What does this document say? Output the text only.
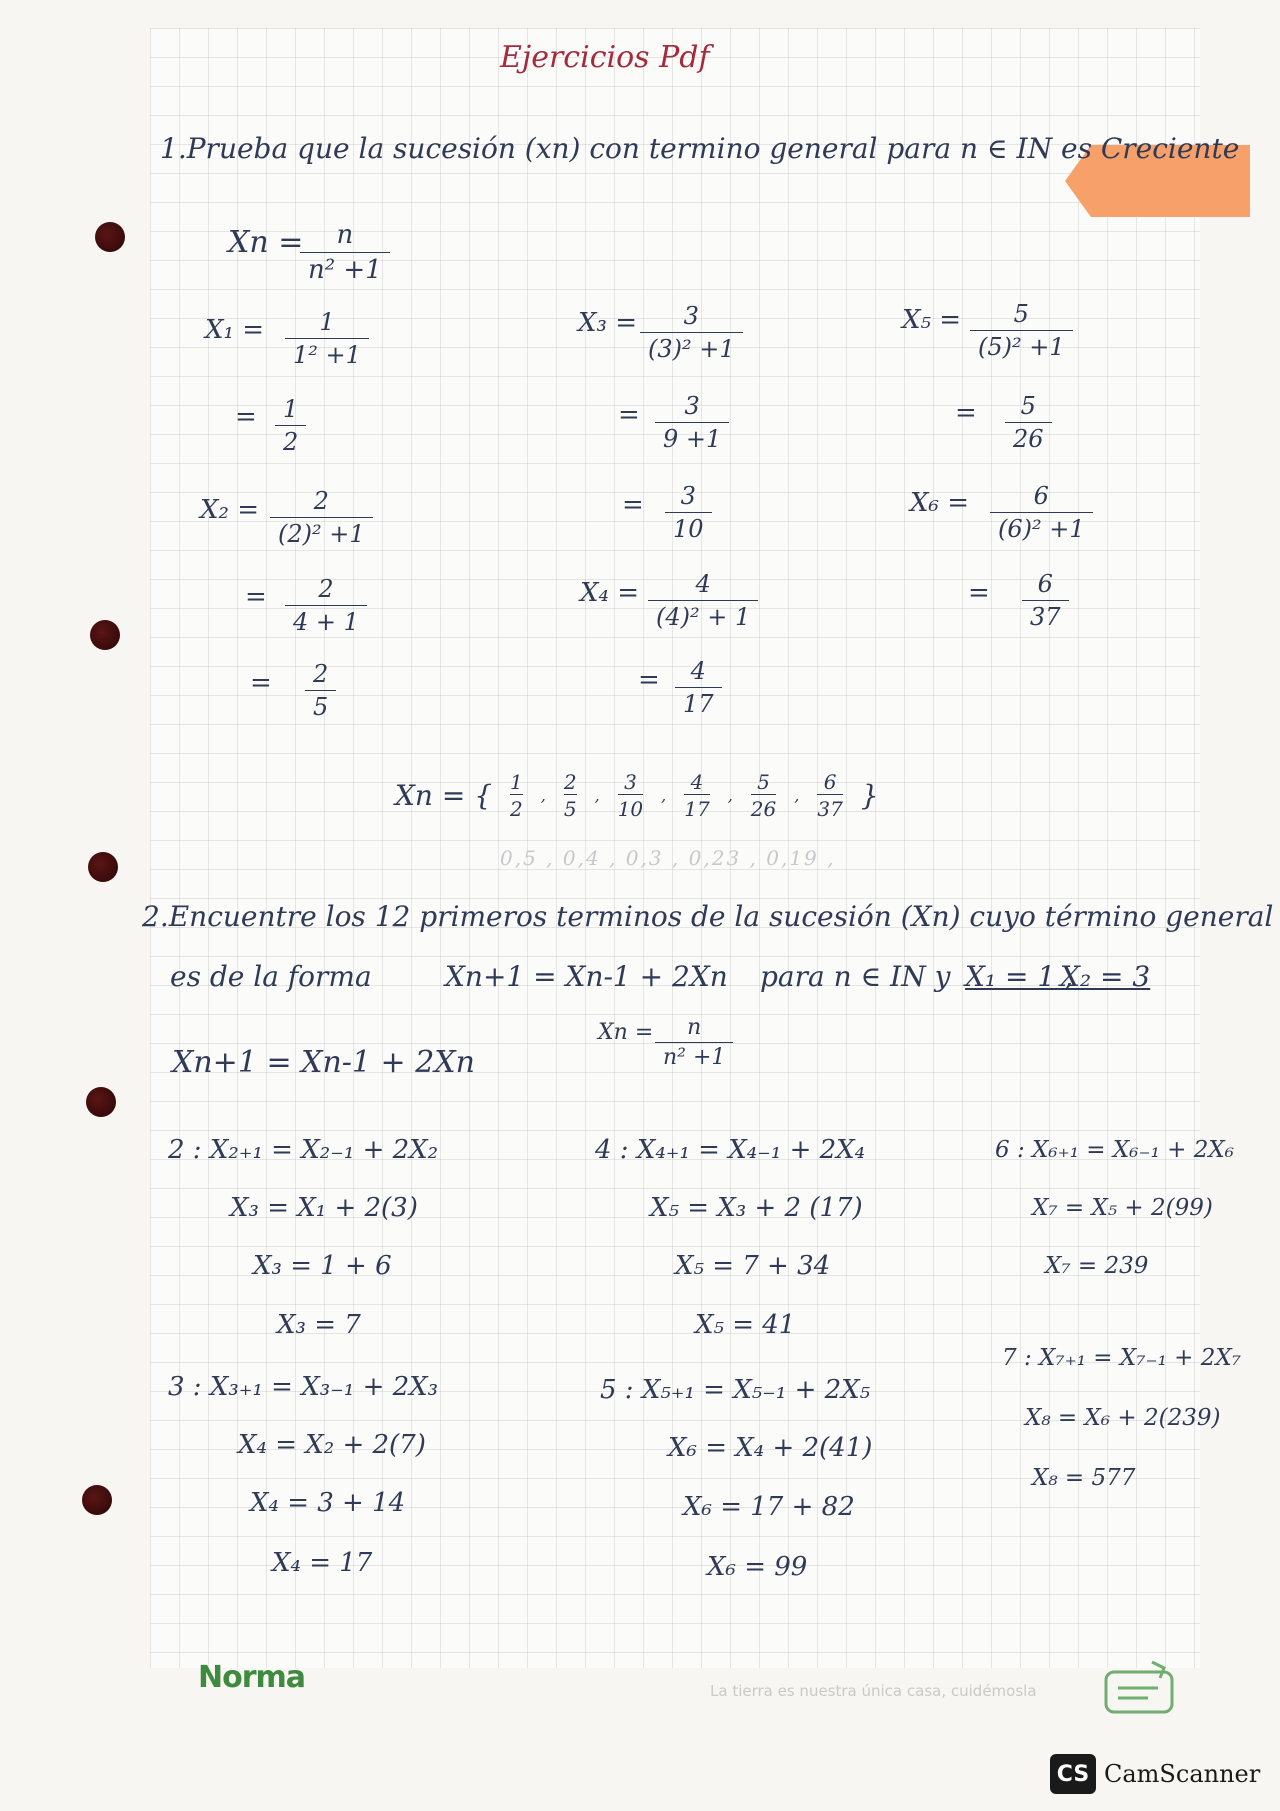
Ejercicios Pdf
1.Prueba que la sucesión (xn) con termino general para n ∈ IN es Creciente
Xn =
$\frac{n}{\text{n² +1}}$
$X_1 = \frac{1}{\text{1² +1}}$
= $\frac{1}{2}$
$X_2 = \frac{2}{\text{(2)² +1}}$
= $\frac{2}{4 + 1}$
= $\frac{2}{5}$
$X_3 = \frac{3}{\text{(3)² +1}}$
= $\frac{3}{9 +1}$
= $\frac{3}{10}$
$X_4 = \frac{4}{\text{(4)² + 1}}$
= $\frac{4}{17}$
$X_5 = \frac{5}{\text{(5)² +1}}$
= $\frac{5}{26}$
$X_6 = \frac{6}{\text{(6)² +1}}$
= $\frac{6}{37}$
Xn = { $\frac{1}{2}$ , $\frac{2}{5}$ , $\frac{3}{10}$ , $\frac{4}{17}$ , $\frac{5}{26}$ , $\frac{6}{37}$ }
0,5 , 0,4 , 0,3 , 0,23 , 0,19 ,
2.Encuentre los 12 primeros terminos de la sucesión (Xn) cuyo término general
es de la forma	Xn+1 = Xn-1 + 2Xn para n ∈ IN y X₁ = 1 ,
X₂ = 3
$Xn = \frac{n}{\text{n² +1}}$
Xn+1 = Xn-1 + 2Xn
2 : X₂₊₁ = X₂₋₁ + 2X₂
X₃ = X₁ + 2(3)
X₃ = 1 + 6
X₃ = 7
3 : X₃₊₁ = X₃₋₁ + 2X₃
X₄ = X₂ + 2(7)
X₄ = 3 + 14
X₄ = 17
4 : X₄₊₁ = X₄₋₁ + 2X₄
X₅ = X₃ + 2 (17)
X₅ = 7 + 34
X₅ = 41
5 : X₅₊₁ = X₅₋₁ + 2X₅
X₆ = X₄ + 2(41)
X₆ = 17 + 82
X₆ = 99
6 : X₆₊₁ = X₆₋₁ + 2X₆
X₇ = X₅ + 2(99)
X₇ = 239
7 : X₇₊₁ = X₇₋₁ + 2X₇
X₈ = X₆ + 2(239)
X₈ = 577
Norma	La tierra es nuestra única casa, cuidémosla
CS CamScanner
